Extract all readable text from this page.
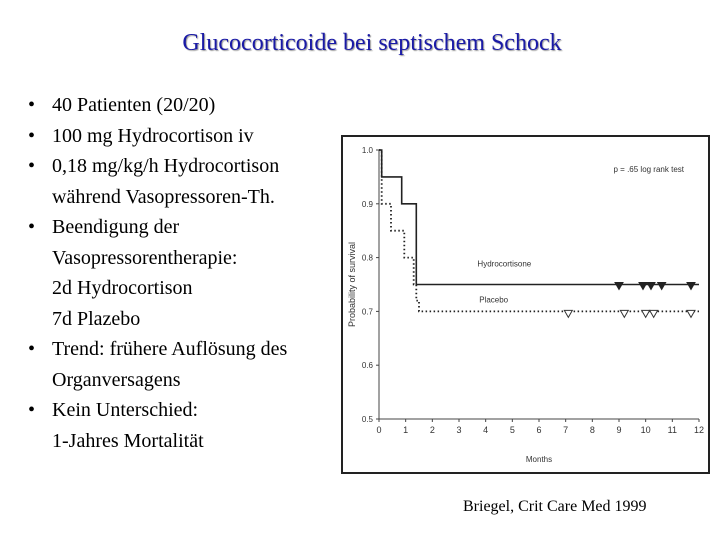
Glucocorticoide bei septischem Schock
• 40 Patienten (20/20)
• 100 mg Hydrocortison iv
• 0,18 mg/kg/h Hydrocortison
während Vasopressoren-Th.
• Beendigung der
Vasopressorentherapie:
2d Hydrocortison
7d Plazebo
• Trend: frühere Auflösung des
Organversagens
• Kein Unterschied:
1-Jahres Mortalität
1.0
0.9
0.8
0.7
0.6
0.5
0 1 2 3 4 5 6 7 8 9 10 11 12
Months
Probability of survival
p = .65 log rank test
Hydrocortisone
Placebo
Briegel, Crit Care Med 1999
